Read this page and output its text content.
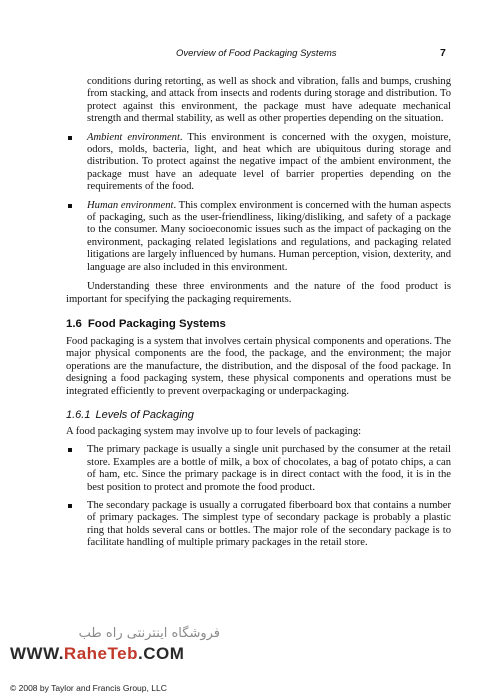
Overview of Food Packaging Systems	7

conditions during retorting, as well as shock and vibration, falls and bumps, crushing from stacking, and attack from insects and rodents during storage and distribution. To protect against this environment, the package must have adequate mechanical strength and thermal stability, as well as other properties depending on the situation.

Ambient environment. This environment is concerned with the oxygen, moisture, odors, molds, bacteria, light, and heat which are ubiquitous during storage and distribution. To protect against the negative impact of the ambient environment, the package must have an adequate level of barrier properties depending on the requirements of the food.

Human environment. This complex environment is concerned with the human aspects of packaging, such as the user-friendliness, liking/disliking, and safety of a package to the consumer. Many socioeconomic issues such as the impact of packaging on the environment, packaging related legislations and regulations, and packaging related litigations are largely influenced by humans. Human perception, vision, dexterity, and language are also included in this environment.

Understanding these three environments and the nature of the food product is important for specifying the packaging requirements.

1.6 Food Packaging Systems

Food packaging is a system that involves certain physical components and operations. The major physical components are the food, the package, and the environment; the major operations are the manufacture, the distribution, and the disposal of the food package. In designing a food packaging system, these physical components and operations must be integrated efficiently to prevent overpackaging or underpackaging.

1.6.1 Levels of Packaging

A food packaging system may involve up to four levels of packaging:

The primary package is usually a single unit purchased by the consumer at the retail store. Examples are a bottle of milk, a box of chocolates, a bag of potato chips, a can of ham, etc. Since the primary package is in direct contact with the food, it is in the best position to protect and promote the food product.

The secondary package is usually a corrugated fiberboard box that contains a number of primary packages. The simplest type of secondary package is probably a plastic ring that holds several cans or bottles. The major role of the secondary package is to facilitate handling of multiple primary packages in the retail store.

فروشگاه اینترنتی راه طب
WWW.RaheTeb.COM
© 2008 by Taylor and Francis Group, LLC
